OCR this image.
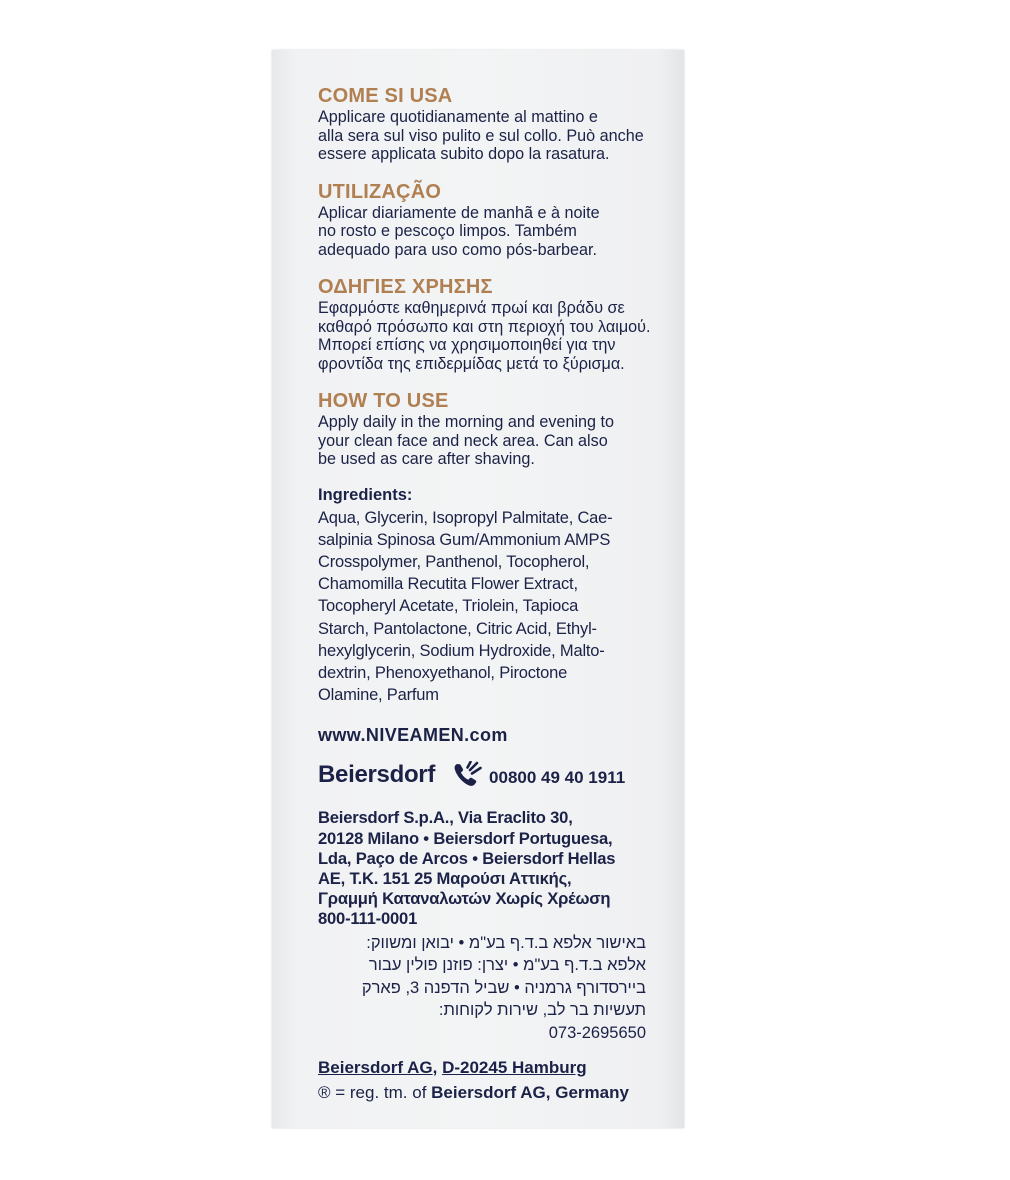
COME SI USA

Applicare quotidianamente al mattino e

alla sera sul viso pulito e sul collo. Può anche

essere applicata subito dopo la rasatura.

UTILIZAÇÃO

Aplicar diariamente de manhã e à noite

no rosto e pescoço limpos. Também

adequado para uso como pós-barbear.

ΟΔΗΓΙΕΣ ΧΡΗΣΗΣ

Εφαρμόστε καθημερινά πρωί και βράδυ σε

καθαρό πρόσωπο και στη περιοχή του λαιμού.

Μπορεί επίσης να χρησιμοποιηθεί για την

φροντίδα της επιδερμίδας μετά το ξύρισμα.

HOW TO USE

Apply daily in the morning and evening to

your clean face and neck area. Can also

be used as care after shaving.

Ingredients:

Aqua, Glycerin, Isopropyl Palmitate, Cae-

salpinia Spinosa Gum/Ammonium AMPS

Crosspolymer, Panthenol, Tocopherol,

Chamomilla Recutita Flower Extract,

Tocopheryl Acetate, Triolein, Tapioca

Starch, Pantolactone, Citric Acid, Ethyl-

hexylglycerin, Sodium Hydroxide, Malto-

dextrin, Phenoxyethanol, Piroctone

Olamine, Parfum

www.NIVEAMEN.com
Beiersdorf	00800 49 40 1911
Beiersdorf S.p.A., Via Eraclito 30,
20128 Milano • Beiersdorf Portuguesa,
Lda, Paço de Arcos • Beiersdorf Hellas
AE, T.K. 151 25 Μαρούσι Αττικής,
Γραμμή Καταναλωτών Χωρίς Χρέωση
800-111-0001
באישור אלפא ב.ד.ף בע"מ • יבואן ומשווק:
אלפא ב.ד.ף בע"מ • יצרן: פוזנן פולין עבור
ביירסדורף גרמניה • שביל הדפנה 3, פארק
תעשיות בר לב, שירות לקוחות:
073-2695650
Beiersdorf AG, D-20245 Hamburg
® = reg. tm. of Beiersdorf AG, Germany
